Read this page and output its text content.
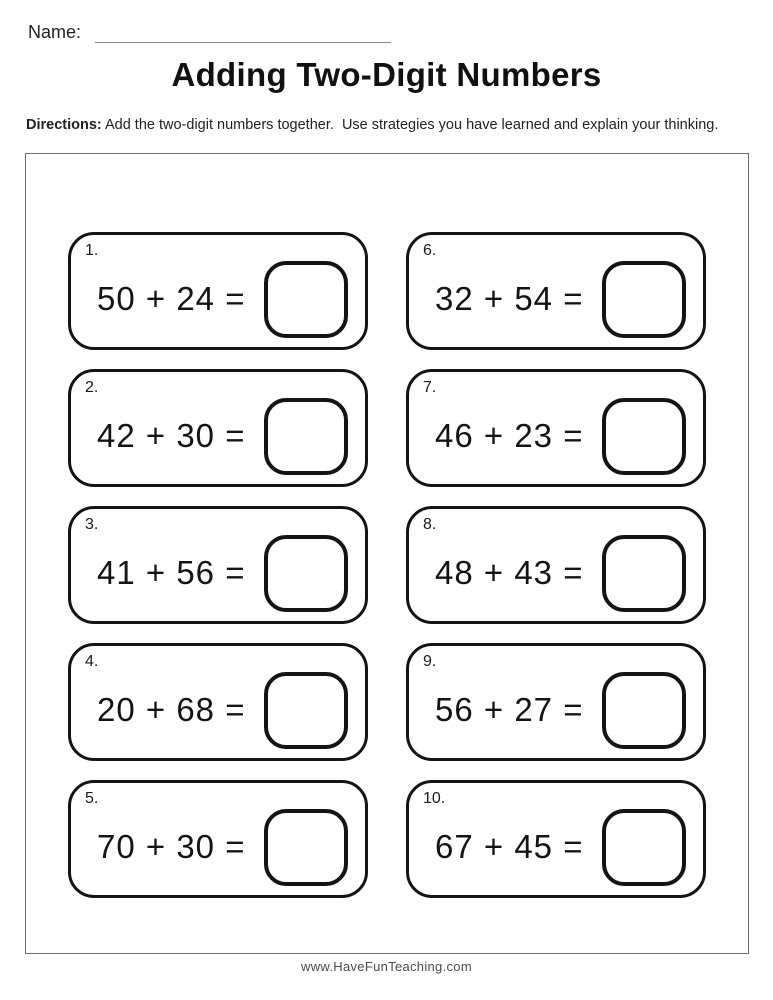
Name:
Adding Two-Digit Numbers
Directions: Add the two-digit numbers together.  Use strategies you have learned and explain your thinking.
1.
50 + 24 =
2.
42 + 30 =
3.
41 + 56 =
4.
20 + 68 =
5.
70 + 30 =
6.
32 + 54 =
7.
46 + 23 =
8.
48 + 43 =
9.
56 + 27 =
10.
67 + 45 =
www.HaveFunTeaching.com
